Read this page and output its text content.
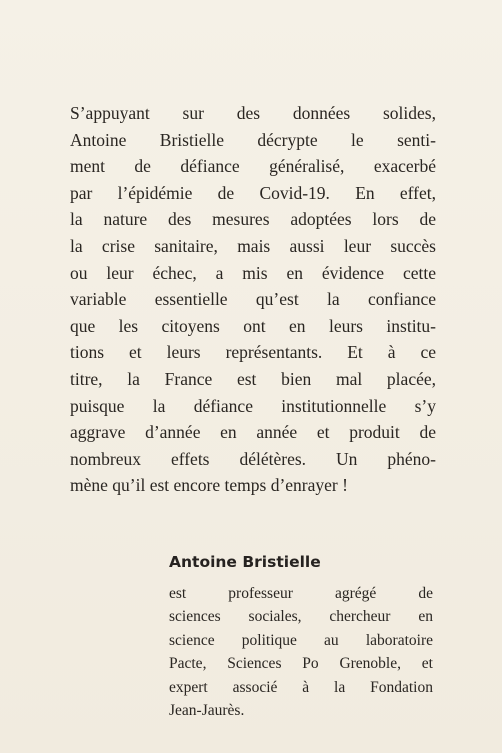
S’appuyant sur des données solides,
Antoine Bristielle décrypte le senti-
ment de défiance généralisé, exacerbé
par l’épidémie de Covid-19. En effet,
la nature des mesures adoptées lors de
la crise sanitaire, mais aussi leur succès
ou leur échec, a mis en évidence cette
variable essentielle qu’est la confiance
que les citoyens ont en leurs institu-
tions et leurs représentants. Et à ce
titre, la France est bien mal placée,
puisque la défiance institutionnelle s’y
aggrave d’année en année et produit de
nombreux effets délétères. Un phéno-
mène qu’il est encore temps d’enrayer !
Antoine Bristielle
est professeur agrégé de
sciences sociales, chercheur en
science politique au laboratoire
Pacte, Sciences Po Grenoble, et
expert associé à la Fondation
Jean-Jaurès.
